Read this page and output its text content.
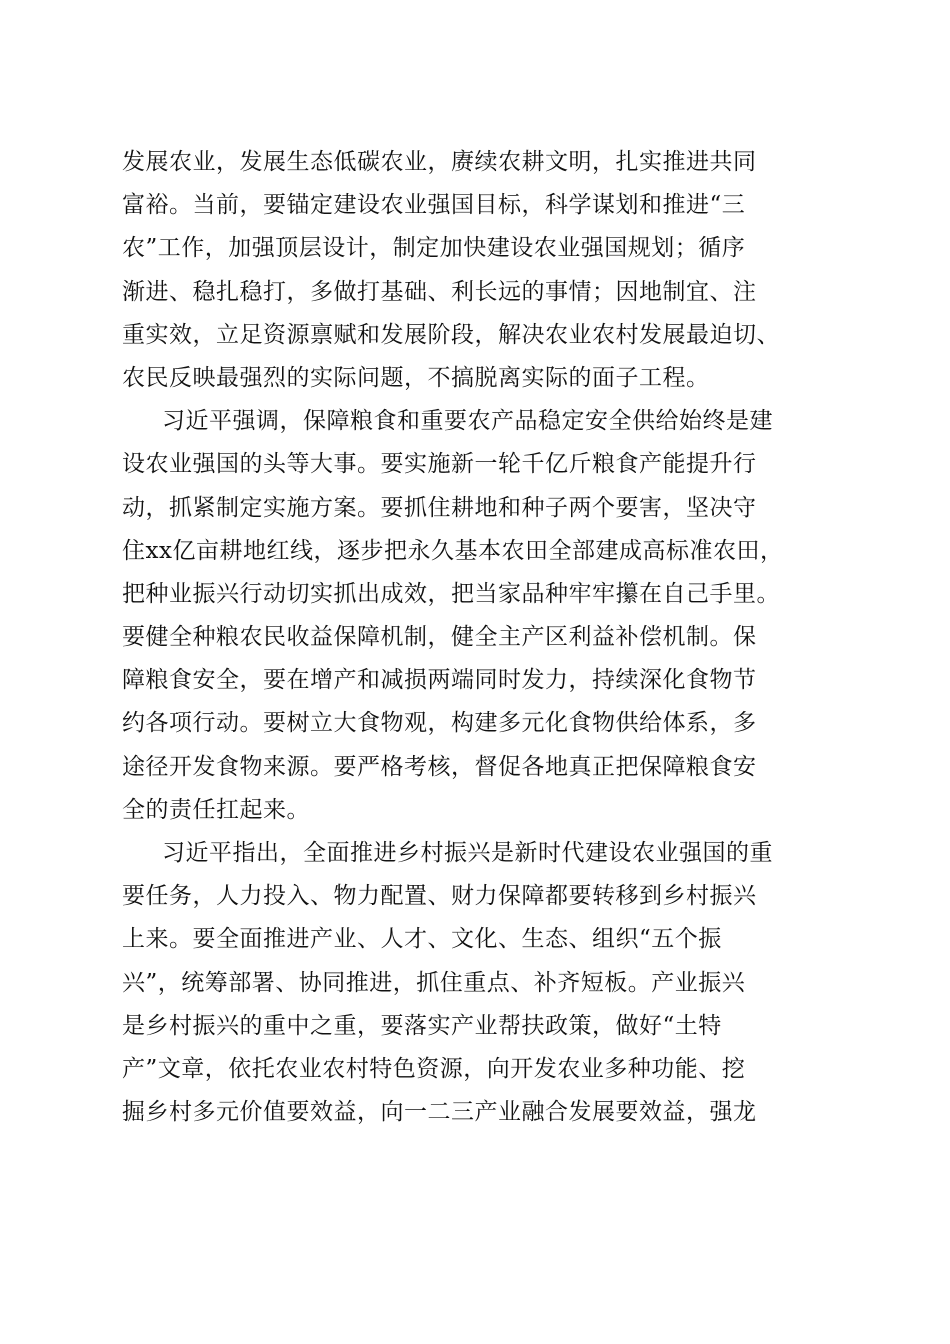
发展农业，发展生态低碳农业，赓续农耕文明，扎实推进共同
富裕。当前，要锚定建设农业强国目标，科学谋划和推进“三
农”工作，加强顶层设计，制定加快建设农业强国规划；循序
渐进、稳扎稳打，多做打基础、利长远的事情；因地制宜、注
重实效，立足资源禀赋和发展阶段，解决农业农村发展最迫切、
农民反映最强烈的实际问题，不搞脱离实际的面子工程。
习近平强调，保障粮食和重要农产品稳定安全供给始终是建
设农业强国的头等大事。要实施新一轮千亿斤粮食产能提升行
动，抓紧制定实施方案。要抓住耕地和种子两个要害，坚决守
住xx亿亩耕地红线，逐步把永久基本农田全部建成高标准农田，
把种业振兴行动切实抓出成效，把当家品种牢牢攥在自己手里。
要健全种粮农民收益保障机制，健全主产区利益补偿机制。保
障粮食安全，要在增产和减损两端同时发力，持续深化食物节
约各项行动。要树立大食物观，构建多元化食物供给体系，多
途径开发食物来源。要严格考核，督促各地真正把保障粮食安
全的责任扛起来。
习近平指出，全面推进乡村振兴是新时代建设农业强国的重
要任务，人力投入、物力配置、财力保障都要转移到乡村振兴
上来。要全面推进产业、人才、文化、生态、组织“五个振
兴”，统筹部署、协同推进，抓住重点、补齐短板。产业振兴
是乡村振兴的重中之重，要落实产业帮扶政策，做好“土特
产”文章，依托农业农村特色资源，向开发农业多种功能、挖
掘乡村多元价值要效益，向一二三产业融合发展要效益，强龙
